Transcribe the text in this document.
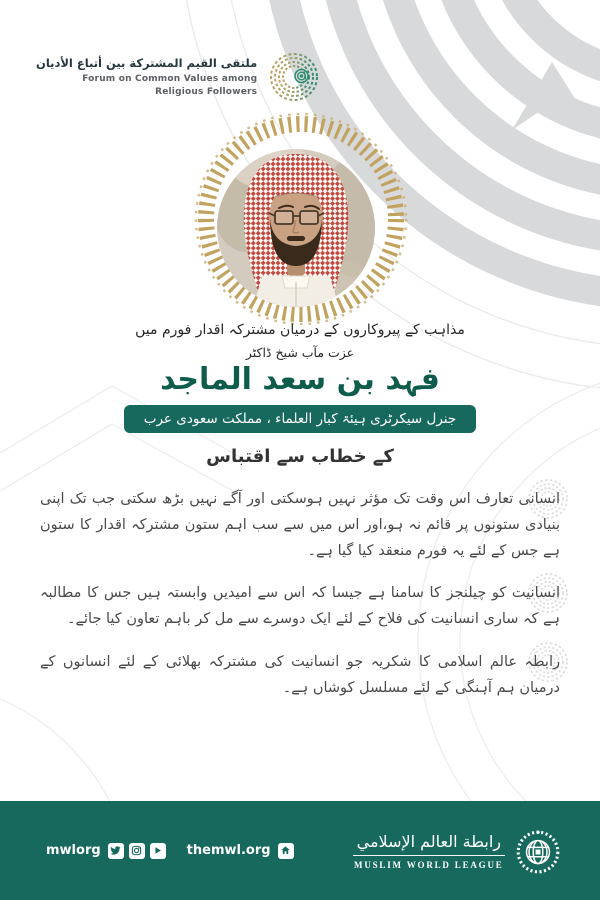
ملتقى القيم المشتركة بين أتباع الأديان
Forum on Common Values among
Religious Followers
مذاہب کے پیروکاروں کے درمیان مشترکہ اقدار فورم میں
عزت مآب شیخ ڈاکٹر
فہد بن سعد الماجد
جنرل سیکرٹری ہیئۃ کبار العلماء ، مملکت سعودی عرب
کے خطاب سے اقتباس
انسانی تعارف اس وقت تک مؤثر نہیں ہوسکتی اور آگے نہیں بڑھ سکتی جب تک اپنی بنیادی ستونوں پر قائم نہ ہو،اور اس میں سے سب اہم ستون مشترکہ اقدار کا ستون ہے جس کے لئے یہ فورم منعقد کیا گیا ہے۔
انسانیت کو چیلنجز کا سامنا ہے جیسا کہ اس سے امیدیں وابستہ ہیں جس کا مطالبہ ہے کہ ساری انسانیت کی فلاح کے لئے ایک دوسرے سے مل کر باہم تعاون کیا جائے۔
رابطہ عالم اسلامی کا شکریہ جو انسانیت کی مشترکہ بھلائی کے لئے انسانوں کے درمیان ہم آہنگی کے لئے مسلسل کوشاں ہے۔
mwlorg	themwl.org	رابطة العالم الإسلامي
MUSLIM WORLD LEAGUE
